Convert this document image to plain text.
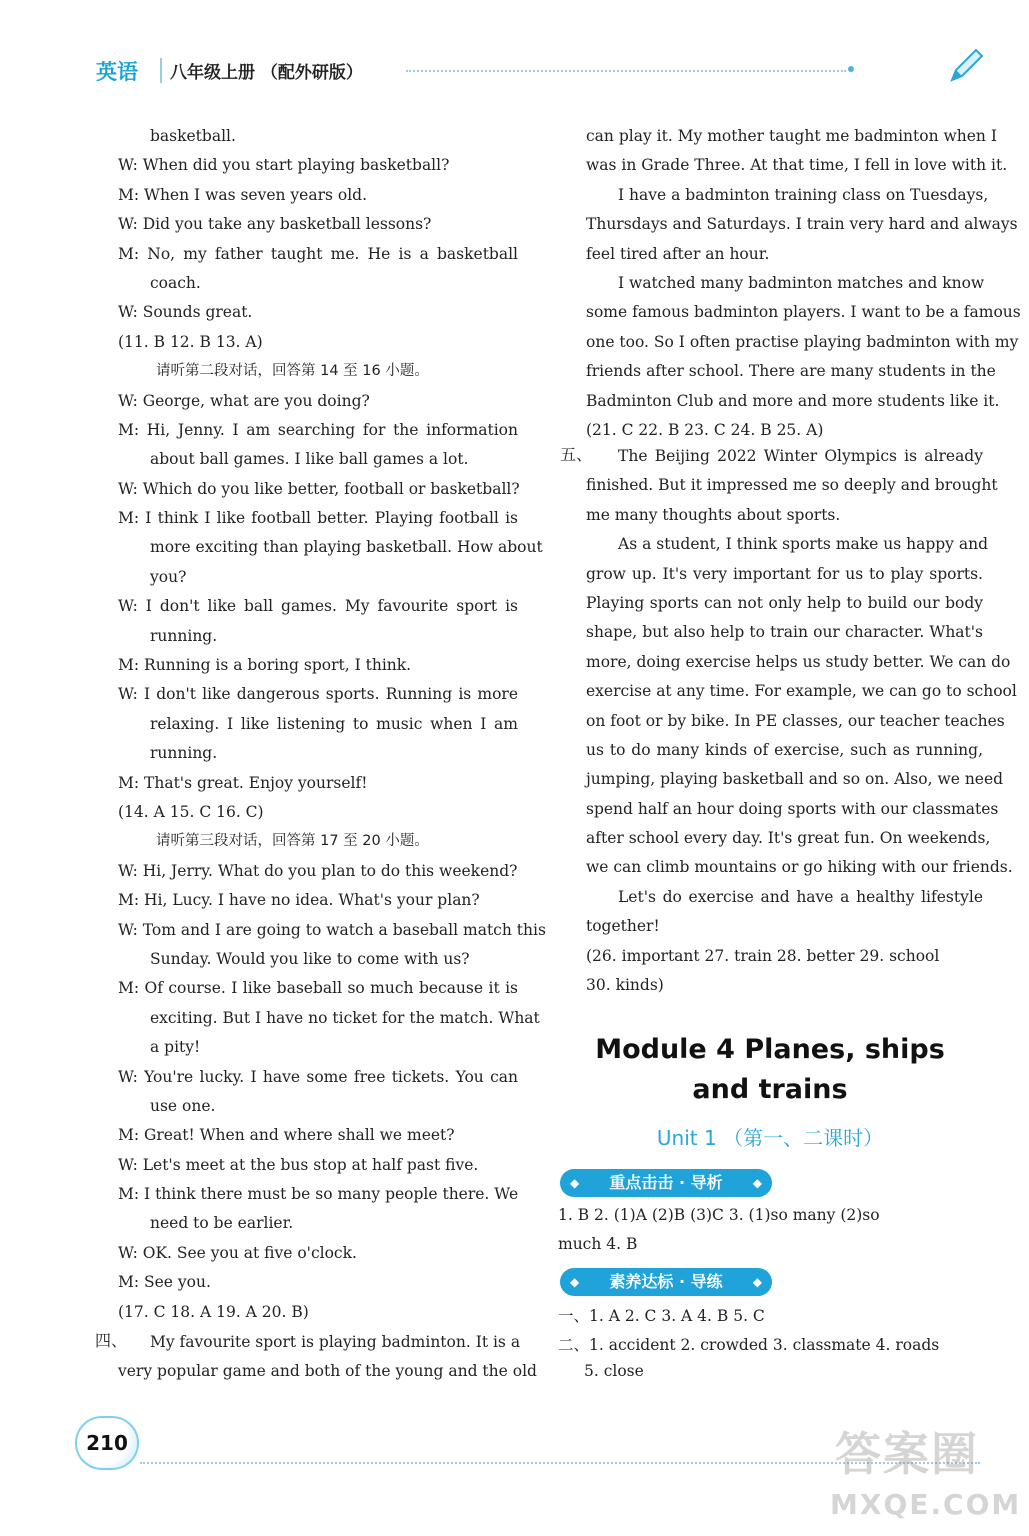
英语	八年级上册 （配外研版）
basketball.
W: When did you start playing basketball?
M: When I was seven years old.
W: Did you take any basketball lessons?
M: No, my father taught me. He is a basketball
coach.
W: Sounds great.
(11. B 12. B 13. A)
请听第二段对话，回答第 14 至 16 小题。
W: George, what are you doing?
M: Hi, Jenny. I am searching for the information
about ball games. I like ball games a lot.
W: Which do you like better, football or basketball?
M: I think I like football better. Playing football is
more exciting than playing basketball. How about
you?
W: I don't like ball games. My favourite sport is
running.
M: Running is a boring sport, I think.
W: I don't like dangerous sports. Running is more
relaxing. I like listening to music when I am
running.
M: That's great. Enjoy yourself!
(14. A 15. C 16. C)
请听第三段对话，回答第 17 至 20 小题。
W: Hi, Jerry. What do you plan to do this weekend?
M: Hi, Lucy. I have no idea. What's your plan?
W: Tom and I are going to watch a baseball match this
Sunday. Would you like to come with us?
M: Of course. I like baseball so much because it is
exciting. But I have no ticket for the match. What
a pity!
W: You're lucky. I have some free tickets. You can
use one.
M: Great! When and where shall we meet?
W: Let's meet at the bus stop at half past five.
M: I think there must be so many people there. We
need to be earlier.
W: OK. See you at five o'clock.
M: See you.
(17. C 18. A 19. A 20. B)
四、	My favourite sport is playing badminton. It is a
very popular game and both of the young and the old
can play it. My mother taught me badminton when I
was in Grade Three. At that time, I fell in love with it.
I have a badminton training class on Tuesdays,
Thursdays and Saturdays. I train very hard and always
feel tired after an hour.
I watched many badminton matches and know
some famous badminton players. I want to be a famous
one too. So I often practise playing badminton with my
friends after school. There are many students in the
Badminton Club and more and more students like it.
(21. C 22. B 23. C 24. B 25. A)
五、	The Beijing 2022 Winter Olympics is already
finished. But it impressed me so deeply and brought
me many thoughts about sports.
As a student, I think sports make us happy and
grow up. It's very important for us to play sports.
Playing sports can not only help to build our body
shape, but also help to train our character. What's
more, doing exercise helps us study better. We can do
exercise at any time. For example, we can go to school
on foot or by bike. In PE classes, our teacher teaches
us to do many kinds of exercise, such as running,
jumping, playing basketball and so on. Also, we need
spend half an hour doing sports with our classmates
after school every day. It's great fun. On weekends,
we can climb mountains or go hiking with our friends.
Let's do exercise and have a healthy lifestyle
together!
(26. important 27. train 28. better 29. school
30. kinds)
Module 4 Planes, ships
and trains
Unit 1 （第一、二课时）
◆ 重点击击 · 导析 ◆
1. B 2. (1)A (2)B (3)C 3. (1)so many (2)so
much 4. B
◆ 素养达标 · 导练 ◆
一、1. A 2. C 3. A 4. B 5. C
二、1. accident 2. crowded 3. classmate 4. roads
5. close
210	答案圈
MXQE.COM
